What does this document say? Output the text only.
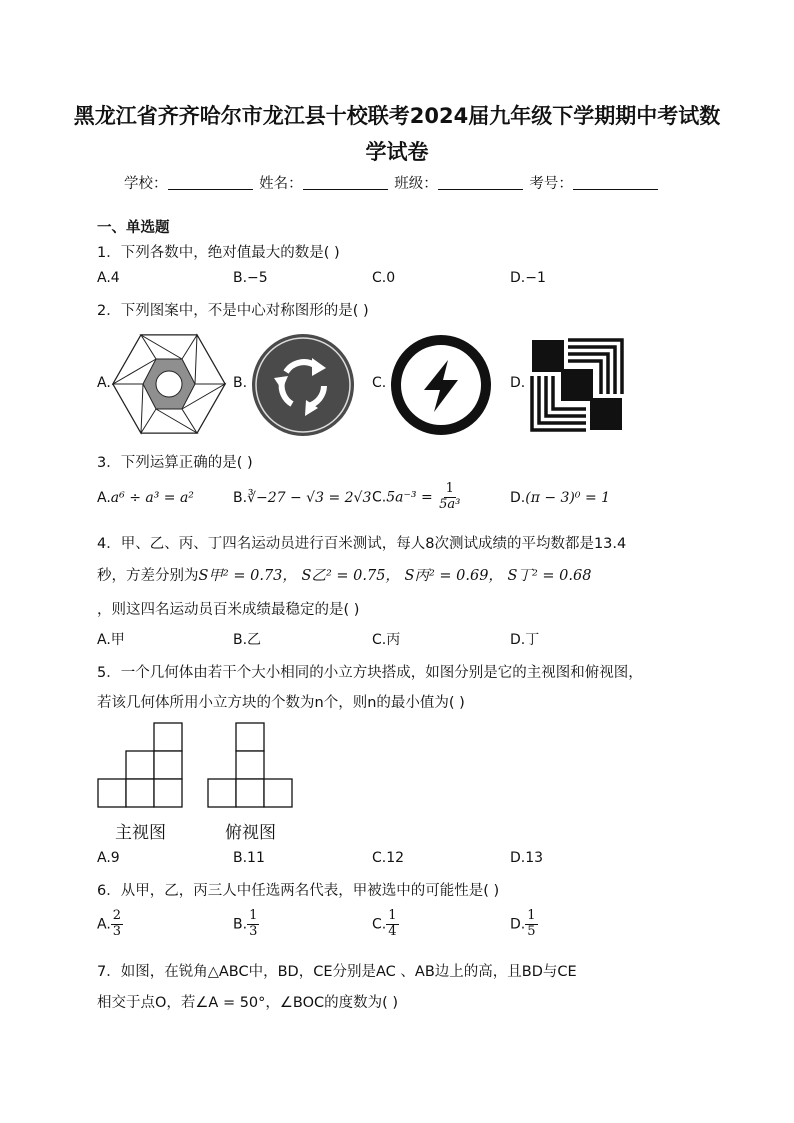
黑龙江省齐齐哈尔市龙江县十校联考2024届九年级下学期期中考试数
学试卷
学校：	姓名：	班级：	考号：
一、单选题
1．下列各数中，绝对值最大的数是( )
A.4	B.−5	C.0	D.−1
2．下列图案中，不是中心对称图形的是( )
A.	B.	C.	D.
3．下列运算正确的是( )
A.a⁶ ÷ a³ = a²	B.∛−27 − √3 = 2√3 $C.5a^{-3} = \frac{1}{\text{5a³}}$	D.(π − 3)⁰ = 1
4．甲、乙、丙、丁四名运动员进行百米测试，每人8次测试成绩的平均数都是13.4
秒，方差分别为S甲² = 0.73， S乙² = 0.75， S丙² = 0.69， S丁² = 0.68
，则这四名运动员百米成绩最稳定的是( )
A.甲	B.乙	C.丙	D.丁
5．一个几何体由若干个大小相同的小立方块搭成，如图分别是它的主视图和俯视图，
若该几何体所用小立方块的个数为n个，则n的最小值为( )
主视图	俯视图
A.9	B.11	C.12	D.13
6．从甲，乙，丙三人中任选两名代表，甲被选中的可能性是( )
A. $\frac{2}{3}$	B. $\frac{1}{3}$	C. $\frac{1}{4}$	D. $\frac{1}{5}$
7．如图，在锐角△ABC中，BD，CE分别是AC 、AB边上的高，且BD与CE
相交于点O，若∠A = 50°，∠BOC的度数为( )
